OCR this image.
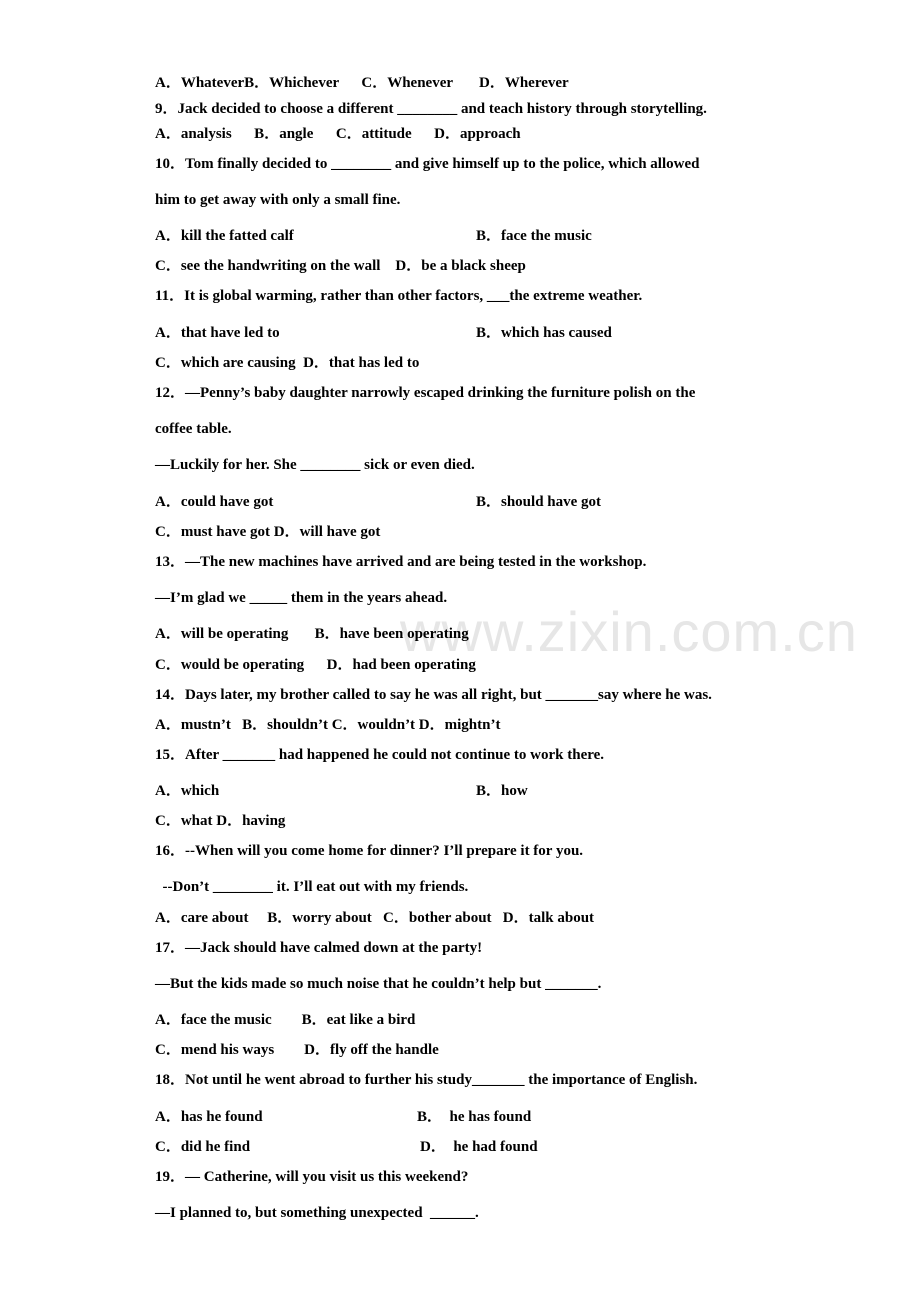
www.zixin.com.cn
A．WhateverB．Whichever      C．Whenever       D．Wherever
9．Jack decided to choose a different ________ and teach history through storytelling.
A．analysis      B．angle      C．attitude      D．approach
10．Tom finally decided to ________ and give himself up to the police, which allowed
him to get away with only a small fine.
A．kill the fatted calf	B．face the music
C．see the handwriting on the wall    D．be a black sheep
11．It is global warming, rather than other factors, ___the extreme weather.
A．that have led to	B．which has caused
C．which are causing  D．that has led to
12．—Penny’s baby daughter narrowly escaped drinking the furniture polish on the
coffee table.
—Luckily for her. She ________ sick or even died.
A．could have got	B．should have got
C．must have got D．will have got
13．—The new machines have arrived and are being tested in the workshop.
—I’m glad we _____ them in the years ahead.
A．will be operating       B．have been operating
C．would be operating      D．had been operating
14．Days later, my brother called to say he was all right, but _______say where he was.
A．mustn’t   B．shouldn’t C．wouldn’t D．mightn’t
15．After _______ had happened he could not continue to work there.
A．which	B．how
C．what D．having
16．--When will you come home for dinner? I’ll prepare it for you.
--Don’t ________ it. I’ll eat out with my friends.
A．care about     B．worry about   C．bother about   D．talk about
17．—Jack should have calmed down at the party!
—But the kids made so much noise that he couldn’t help but _______.
A．face the music        B．eat like a bird
C．mend his ways        D．fly off the handle
18．Not until he went abroad to further his study_______ the importance of English.
A．has he found	B．  he has found
C．did he find	D．  he had found
19．— Catherine, will you visit us this weekend?
—I planned to, but something unexpected  ______.
